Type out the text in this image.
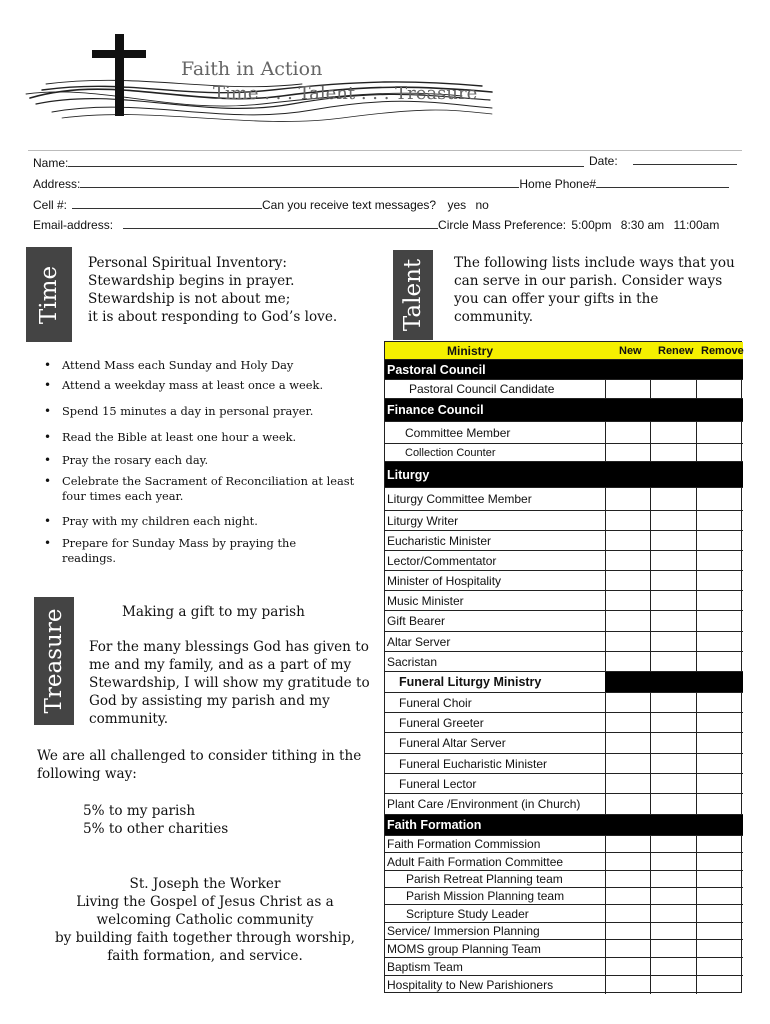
Faith in Action
Time . . . Talent . . . Treasure
Name:	Date:
Address:	Home Phone#
Cell #:	Can you receive text messages? yes no
Email-address:	Circle Mass Preference: 5:00pm 8:30 am 11:00am
Time
Personal Spiritual Inventory:
Stewardship begins in prayer.
Stewardship is not about me;
it is about responding to God’s love.
• Attend Mass each Sunday and Holy Day
• Attend a weekday mass at least once a week.
• Spend 15 minutes a day in personal prayer.
• Read the Bible at least one hour a week.
• Pray the rosary each day.
• Celebrate the Sacrament of Reconciliation at least
four times each year.
• Pray with my children each night.
• Prepare for Sunday Mass by praying the
readings.
Talent The following lists include ways that you
can serve in our parish. Consider ways
you can offer your gifts in the
community.
Treasure	Making a gift to my parish
For the many blessings God has given to
me and my family, and as a part of my
Stewardship, I will show my gratitude to
God by assisting my parish and my
community.
We are all challenged to consider tithing in the
following way:
5% to my parish
5% to other charities
St. Joseph the Worker
Living the Gospel of Jesus Christ as a
welcoming Catholic community
by building faith together through worship,
faith formation, and service.
Ministry	New Renew Remove
Pastoral Council
Pastoral Council Candidate
Finance Council
Committee Member
Collection Counter
Liturgy
Liturgy Committee Member
Liturgy Writer
Eucharistic Minister
Lector/Commentator
Minister of Hospitality
Music Minister
Gift Bearer
Altar Server
Sacristan
Funeral Liturgy Ministry
Funeral Choir
Funeral Greeter
Funeral Altar Server
Funeral Eucharistic Minister
Funeral Lector
Plant Care /Environment (in Church)
Faith Formation
Faith Formation Commission
Adult Faith Formation Committee
Parish Retreat Planning team
Parish Mission Planning team
Scripture Study Leader
Service/ Immersion Planning
MOMS group Planning Team
Baptism Team
Hospitality to New Parishioners
